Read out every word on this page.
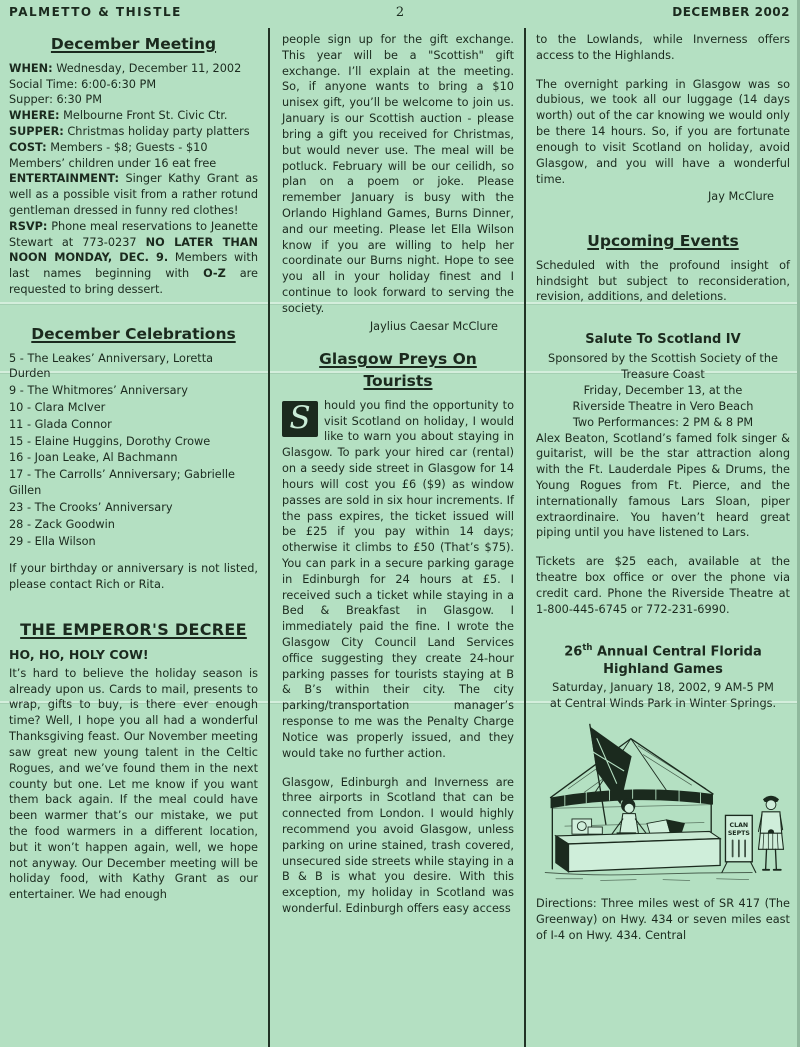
PALMETTO & THISTLE	2	DECEMBER 2002
December Meeting

WHEN: Wednesday, December 11, 2002

Social Time: 6:00-6:30 PM

Supper: 6:30 PM

WHERE: Melbourne Front St. Civic Ctr.

SUPPER: Christmas holiday party platters

COST: Members - $8; Guests - $10

Members’ children under 16 eat free

ENTERTAINMENT: Singer Kathy Grant as well as a possible visit from a rather rotund gentleman dressed in funny red clothes!

RSVP: Phone meal reservations to Jeanette Stewart at 773-0237 NO LATER THAN NOON MONDAY, DEC. 9. Members with last names beginning with O-Z are requested to bring dessert.

December Celebrations

5 - The Leakes’ Anniversary, Loretta Durden

9 - The Whitmores’ Anniversary

10 - Clara McIver

11 - Glada Connor

15 - Elaine Huggins, Dorothy Crowe

16 - Joan Leake, Al Bachmann

17 - The Carrolls’ Anniversary; Gabrielle Gillen

23 - The Crooks’ Anniversary

28 - Zack Goodwin

29 - Ella Wilson

If your birthday or anniversary is not listed, please contact Rich or Rita.

THE EMPEROR'S DECREE

HO, HO, HOLY COW!

It’s hard to believe the holiday season is already upon us. Cards to mail, presents to wrap, gifts to buy, is there ever enough time? Well, I hope you all had a wonderful Thanksgiving feast. Our November meeting saw great new young talent in the Celtic Rogues, and we’ve found them in the next county but one. Let me know if you want them back again. If the meal could have been warmer that’s our mistake, we put the food warmers in a different location, but it won’t happen again, well, we hope not anyway. Our December meeting will be holiday food, with Kathy Grant as our entertainer. We had enough

people sign up for the gift exchange. This year will be a "Scottish" gift exchange. I’ll explain at the meeting. So, if anyone wants to bring a $10 unisex gift, you’ll be welcome to join us. January is our Scottish auction - please bring a gift you received for Christmas, but would never use. The meal will be potluck. February will be our ceilidh, so plan on a poem or joke. Please remember January is busy with the Orlando Highland Games, Burns Dinner, and our meeting. Please let Ella Wilson know if you are willing to help her coordinate our Burns night. Hope to see you all in your holiday finest and I continue to look forward to serving the society.

Jaylius Caesar McClure

Glasgow Preys On Tourists

S	hould you find the opportunity to visit Scotland on holiday, I would like to warn you about staying in Glasgow. To park your hired car (rental) on a seedy side street in Glasgow for 14 hours will cost you £6 ($9) as window passes are sold in six hour increments. If the pass expires, the ticket issued will be £25 if you pay within 14 days; otherwise it climbs to £50 (That’s $75). You can park in a secure parking garage in Edinburgh for 24 hours at £5. I received such a ticket while staying in a Bed & Breakfast in Glasgow. I immediately paid the fine. I wrote the Glasgow City Council Land Services office suggesting they create 24-hour parking passes for tourists staying at B & B’s within their city. The city parking/transportation manager’s response to me was the Penalty Charge Notice was properly issued, and they would take no further action.

Glasgow, Edinburgh and Inverness are three airports in Scotland that can be connected from London. I would highly recommend you avoid Glasgow, unless parking on urine stained, trash covered, unsecured side streets while staying in a B & B is what you desire. With this exception, my holiday in Scotland was wonderful. Edinburgh offers easy access

to the Lowlands, while Inverness offers access to the Highlands.

The overnight parking in Glasgow was so dubious, we took all our luggage (14 days worth) out of the car knowing we would only be there 14 hours. So, if you are fortunate enough to visit Scotland on holiday, avoid Glasgow, and you will have a wonderful time.

Jay McClure

Upcoming Events

Scheduled with the profound insight of hindsight but subject to reconsideration, revision, additions, and deletions.

Salute To Scotland IV

Sponsored by the Scottish Society of the Treasure Coast

Friday, December 13, at the

Riverside Theatre in Vero Beach

Two Performances: 2 PM & 8 PM

Alex Beaton, Scotland’s famed folk singer & guitarist, will be the star attraction along with the Ft. Lauderdale Pipes & Drums, the Young Rogues from Ft. Pierce, and the internationally famous Lars Sloan, piper extraordinaire. You haven’t heard great piping until you have listened to Lars.

Tickets are $25 each, available at the theatre box office or over the phone via credit card. Phone the Riverside Theatre at 1-800-445-6745 or 772-231-6990.

26th Annual Central Florida Highland Games

Saturday, January 18, 2002, 9 AM-5 PM

at Central Winds Park in Winter Springs.

CLAN
SEPTS

Directions: Three miles west of SR 417 (The Greenway) on Hwy. 434 or seven miles east of I-4 on Hwy. 434. Central
